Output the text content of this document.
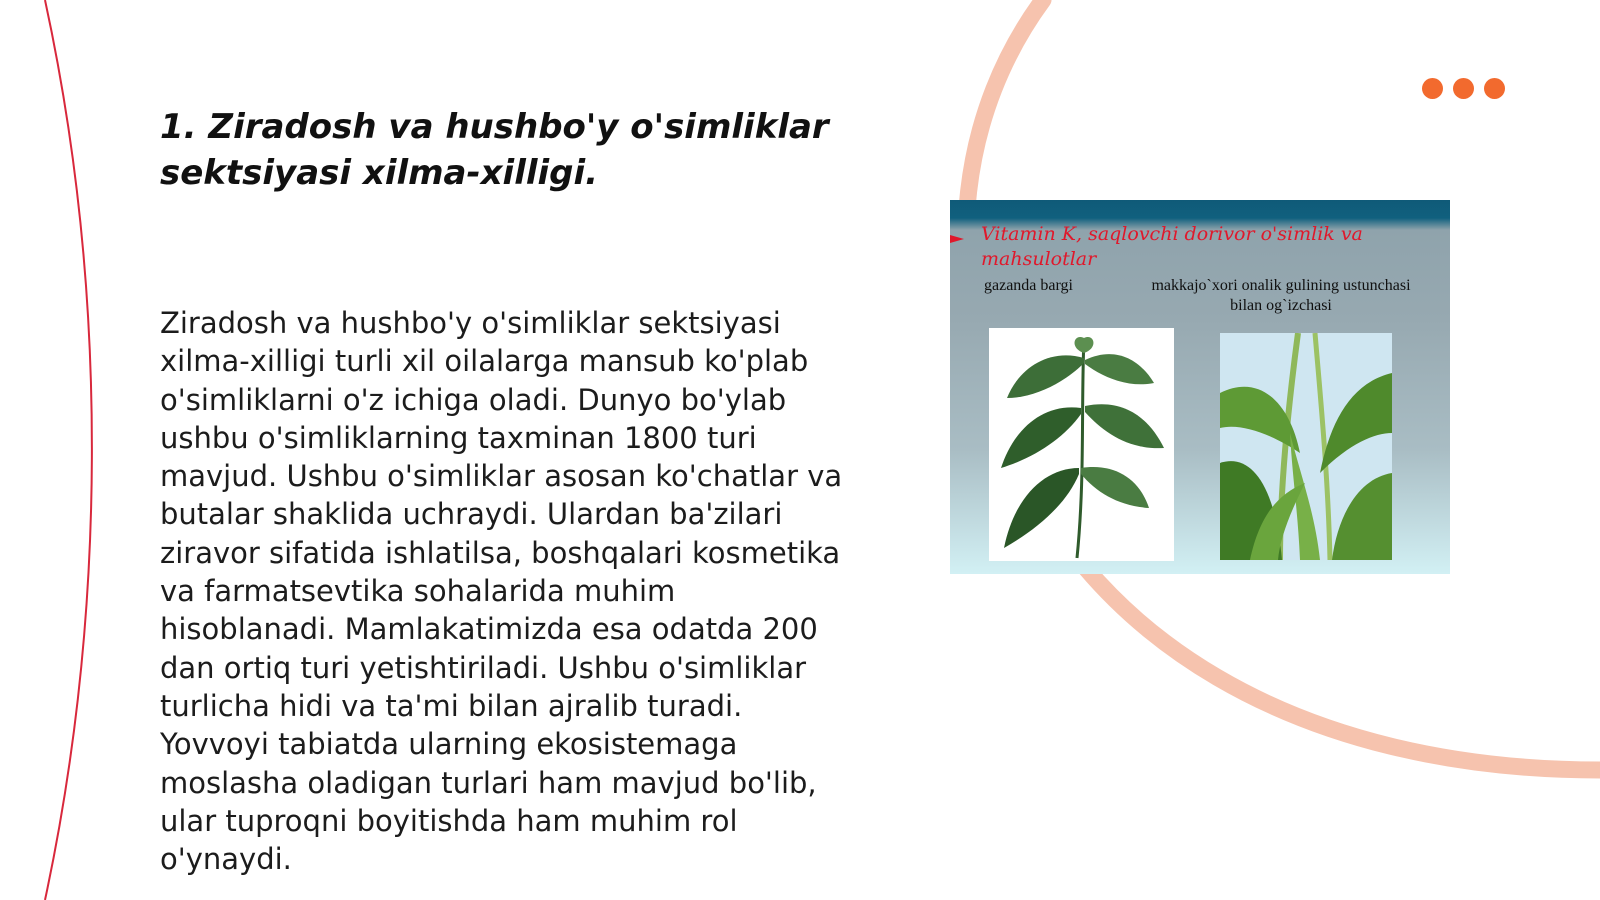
1. Ziradosh va hushbo'y o'simliklar sektsiyasi xilma-xilligi.

Ziradosh va hushbo'y o'simliklar sektsiyasi xilma-xilligi turli xil oilalarga mansub ko'plab o'simliklarni o'z ichiga oladi. Dunyo bo'ylab ushbu o'simliklarning taxminan 1800 turi mavjud. Ushbu o'simliklar asosan ko'chatlar va butalar shaklida uchraydi. Ulardan ba'zilari ziravor sifatida ishlatilsa, boshqalari kosmetika va farmatsevtika sohalarida muhim hisoblanadi. Mamlakatimizda esa odatda 200 dan ortiq turi yetishtiriladi. Ushbu o'simliklar turlicha hidi va ta'mi bilan ajralib turadi. Yovvoyi tabiatda ularning ekosistemaga moslasha oladigan turlari ham mavjud bo'lib, ular tuproqni boyitishda ham muhim rol o'ynaydi.

Vitamin K, saqlovchi dorivor o'simlik va mahsulotlar

gazanda bargi	makkajo`xori onalik gulining ustunchasi bilan og`izchasi
